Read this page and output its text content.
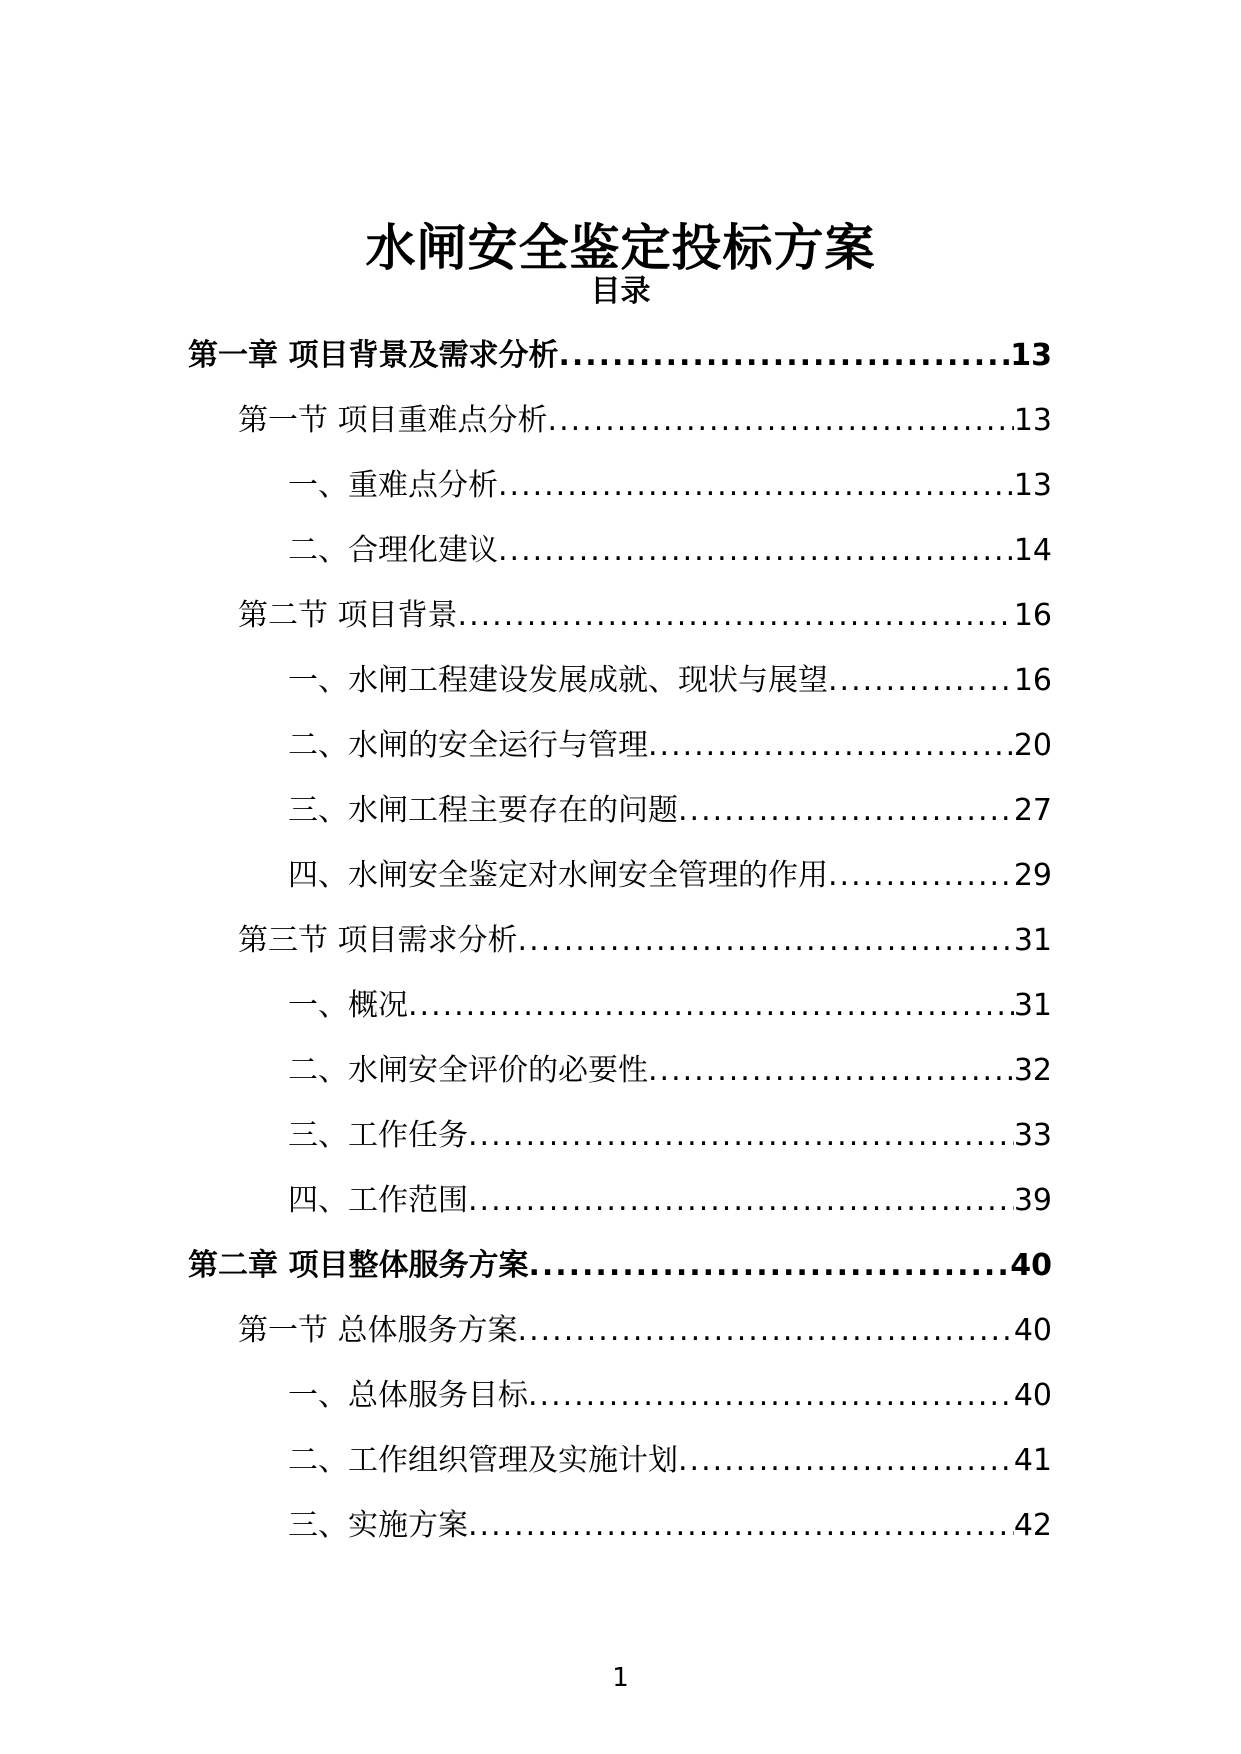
水闸安全鉴定投标方案
目录
第一章 项目背景及需求分析 .....	13
第一节 项目重难点分析 .....	13
一、重难点分析 .....	13
二、合理化建议 .....	14
第二节 项目背景 .....	16
一、水闸工程建设发展成就、现状与展望 .....	16
二、水闸的安全运行与管理 .....	20
三、水闸工程主要存在的问题 .....	27
四、水闸安全鉴定对水闸安全管理的作用 .....	29
第三节 项目需求分析 .....	31
一、概况 .....	31
二、水闸安全评价的必要性 .....	32
三、工作任务 .....	33
四、工作范围 .....	39
第二章 项目整体服务方案 .....	40
第一节 总体服务方案 .....	40
一、总体服务目标 .....	40
二、工作组织管理及实施计划 .....	41
三、实施方案 .....	42
1
